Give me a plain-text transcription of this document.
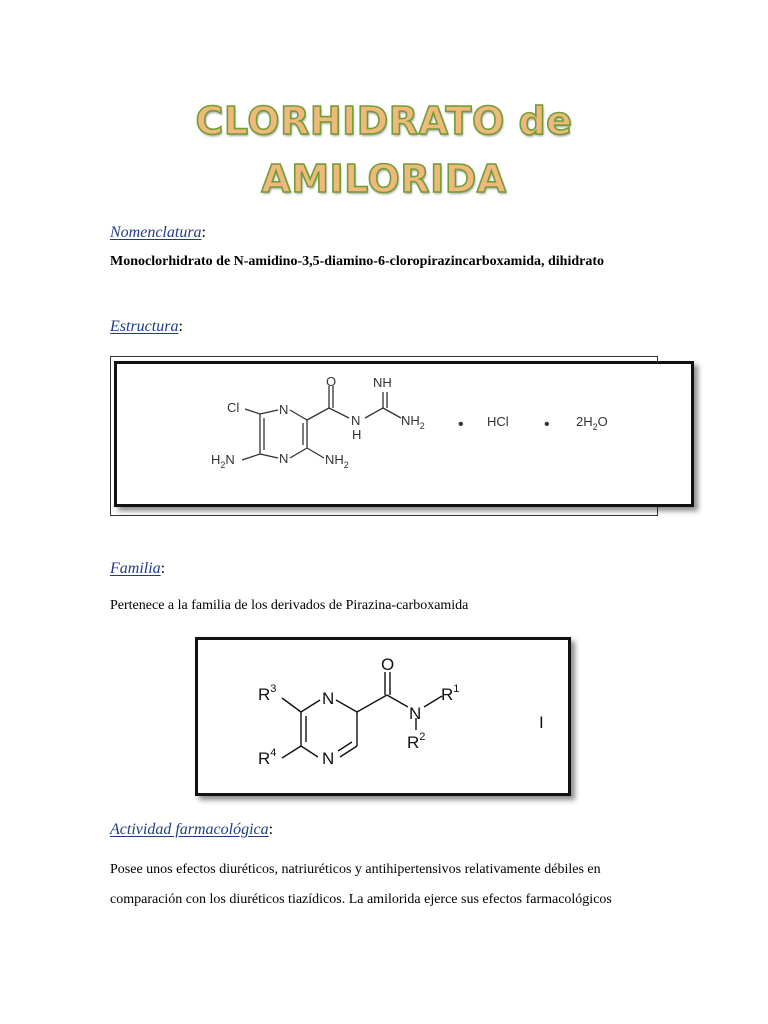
CLORHIDRATO de
AMILORIDA
Nomenclatura:
Monoclorhidrato de N-amidino-3,5-diamino-6-cloropirazincarboxamida, dihidrato
Estructura:
O	NH
N
N
N
H
Cl
$H_2N$	$NH_2$
$NH_2$ • HCl • $2H_2O$
Familia:
Pertenece a la familia de los derivados de Pirazina-carboxamida
$R^3$
$R^4$
N
N
O
N
$R^1$
$R^2$
I
Actividad farmacológica:
Posee unos efectos diuréticos, natriuréticos y antihipertensivos relativamente débiles en comparación con los diuréticos tiazídicos. La amilorida ejerce sus efectos farmacológicos
